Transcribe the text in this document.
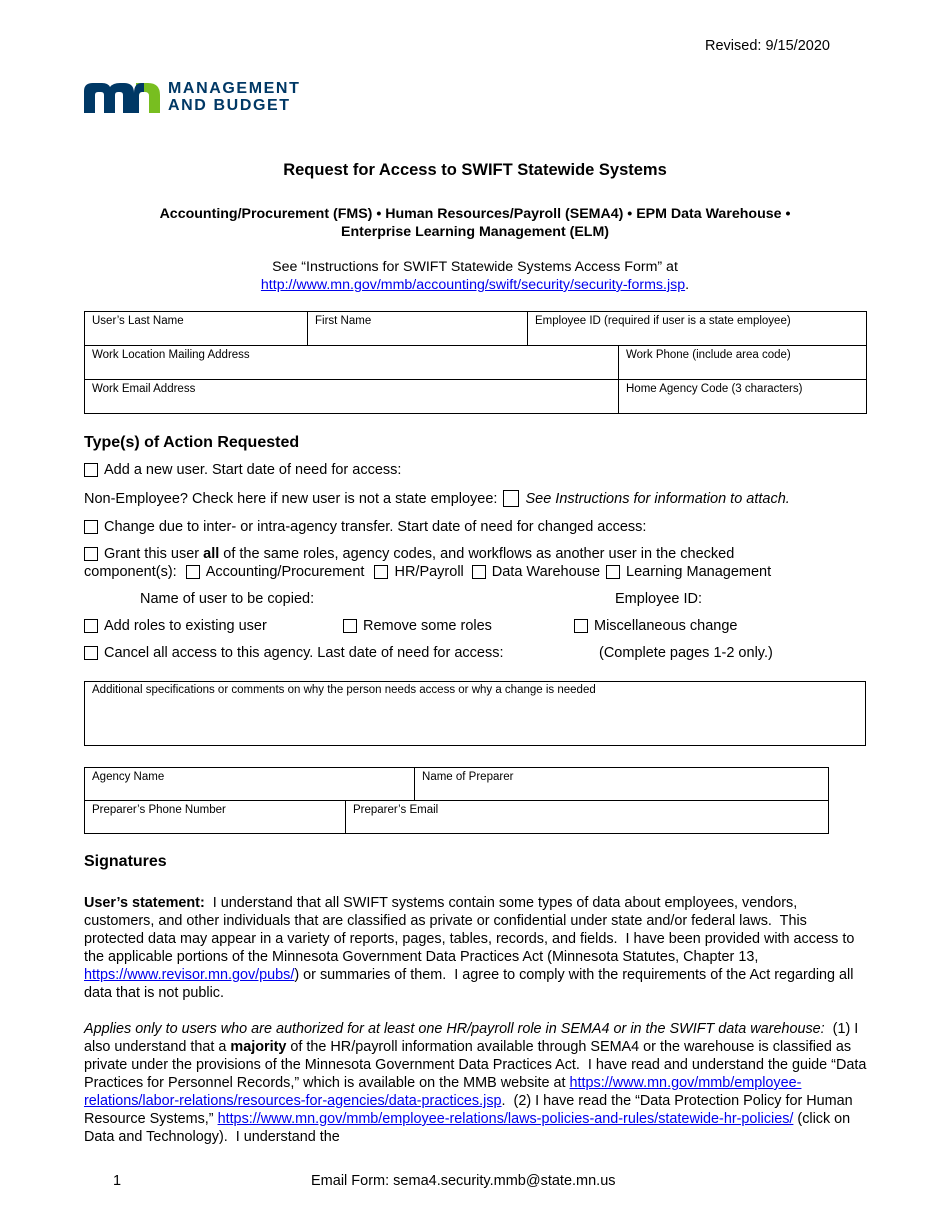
Revised: 9/15/2020
MANAGEMENT
AND BUDGET
Request for Access to SWIFT Statewide Systems
Accounting/Procurement (FMS) • Human Resources/Payroll (SEMA4) • EPM Data Warehouse •
Enterprise Learning Management (ELM)
See “Instructions for SWIFT Statewide Systems Access Form” at
http://www.mn.gov/mmb/accounting/swift/security/security-forms.jsp.
User’s Last Name	First Name	Employee ID (required if user is a state employee)	
Work Location Mailing Address			Work Phone (include area code)
Work Email Address			Home Agency Code (3 characters)
Type(s) of Action Requested
Add a new user. Start date of need for access:
Non-Employee? Check here if new user is not a state employee: See Instructions for information to attach.
Change due to inter- or intra-agency transfer. Start date of need for changed access:
Grant this user all of the same roles, agency codes, and workflows as another user in the checked
component(s): Accounting/Procurement HR/Payroll Data Warehouse Learning Management
Name of user to be copied:	Employee ID:
Add roles to existing user	Remove some roles	Miscellaneous change
Cancel all access to this agency. Last date of need for access:	(Complete pages 1-2 only.)
Additional specifications or comments on why the person needs access or why a change is needed
Agency Name		Name of Preparer
Preparer’s Phone Number	Preparer’s Email	
Signatures
User’s statement:  I understand that all SWIFT systems contain some types of data about employees, vendors, customers, and other individuals that are classified as private or confidential under state and/or federal laws.  This protected data may appear in a variety of reports, pages, tables, records, and fields.  I have been provided with access to the applicable portions of the Minnesota Government Data Practices Act (Minnesota Statutes, Chapter 13, https://www.revisor.mn.gov/pubs/) or summaries of them.  I agree to comply with the requirements of the Act regarding all data that is not public.
Applies only to users who are authorized for at least one HR/payroll role in SEMA4 or in the SWIFT data warehouse:  (1) I also understand that a majority of the HR/payroll information available through SEMA4 or the warehouse is classified as private under the provisions of the Minnesota Government Data Practices Act.  I have read and understand the guide “Data Practices for Personnel Records,” which is available on the MMB website at https://www.mn.gov/mmb/employee-relations/labor-relations/resources-for-agencies/data-practices.jsp.  (2) I have read the “Data Protection Policy for Human Resource Systems,” https://www.mn.gov/mmb/employee-relations/laws-policies-and-rules/statewide-hr-policies/ (click on Data and Technology).  I understand the
1	Email Form: sema4.security.mmb@state.mn.us
